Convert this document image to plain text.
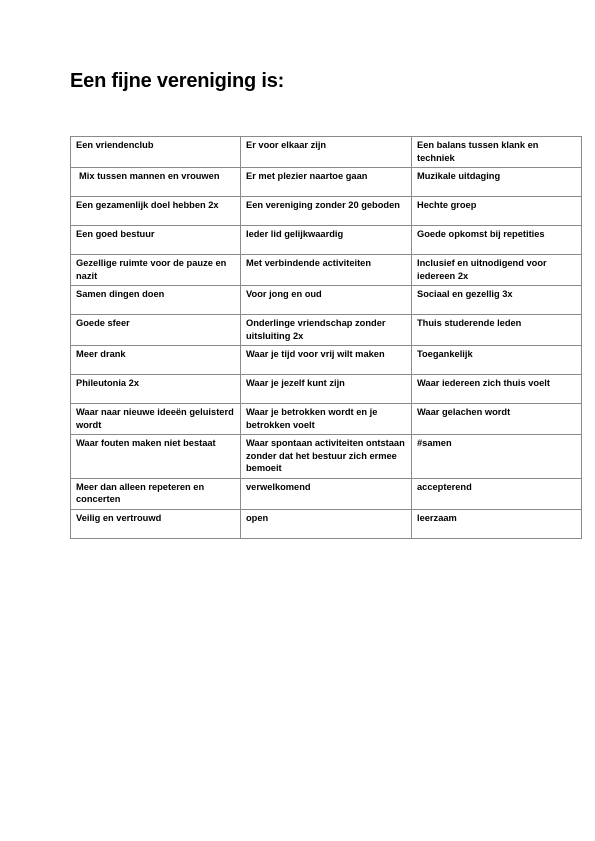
Een fijne vereniging is:
Een vriendenclub	Er voor elkaar zijn	Een balans tussen klank en techniek
Mix tussen mannen en vrouwen	Er met plezier naartoe gaan	Muzikale uitdaging
Een gezamenlijk doel hebben 2x	Een vereniging zonder 20 geboden	Hechte groep
Een goed bestuur	Ieder lid gelijkwaardig	Goede opkomst bij repetities
Gezellige ruimte voor de pauze en nazit	Met verbindende activiteiten	Inclusief en uitnodigend voor iedereen 2x
Samen dingen doen	Voor jong en oud	Sociaal en gezellig 3x
Goede sfeer	Onderlinge vriendschap zonder uitsluiting 2x	Thuis studerende leden
Meer drank	Waar je tijd voor vrij wilt maken	Toegankelijk
Phileutonia 2x	Waar je jezelf kunt zijn	Waar iedereen zich thuis voelt
Waar naar nieuwe ideeën geluisterd wordt	Waar je betrokken wordt en je betrokken voelt	Waar gelachen wordt
Waar fouten maken niet bestaat	Waar spontaan activiteiten ontstaan zonder dat het bestuur zich ermee bemoeit	#samen
Meer dan alleen repeteren en concerten	verwelkomend	accepterend
Veilig en vertrouwd	open	leerzaam
